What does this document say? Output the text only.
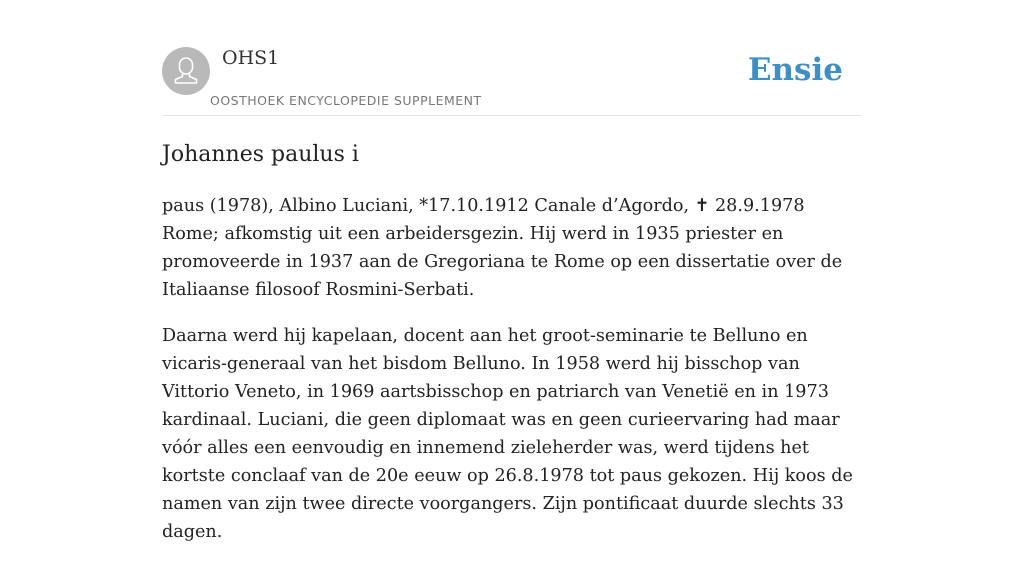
OHS1
OOSTHOEK ENCYCLOPEDIE SUPPLEMENT
Ensie
Johannes paulus i

paus (1978), Albino Luciani, *17.10.1912 Canale d’Agordo, ✝ 28.9.1978 Rome; afkomstig uit een arbeidersgezin. Hij werd in 1935 priester en promoveerde in 1937 aan de Gregoriana te Rome op een dissertatie over de Italiaanse filosoof Rosmini-Serbati.

Daarna werd hij kapelaan, docent aan het groot-seminarie te Belluno en vicaris-generaal van het bisdom Belluno. In 1958 werd hij bisschop van Vittorio Veneto, in 1969 aartsbisschop en patriarch van Venetië en in 1973 kardinaal. Luciani, die geen diplomaat was en geen curieervaring had maar vóór alles een eenvoudig en innemend zieleherder was, werd tijdens het kortste conclaaf van de 20e eeuw op 26.8.1978 tot paus gekozen. Hij koos de namen van zijn twee directe voorgangers. Zijn pontificaat duurde slechts 33 dagen.
